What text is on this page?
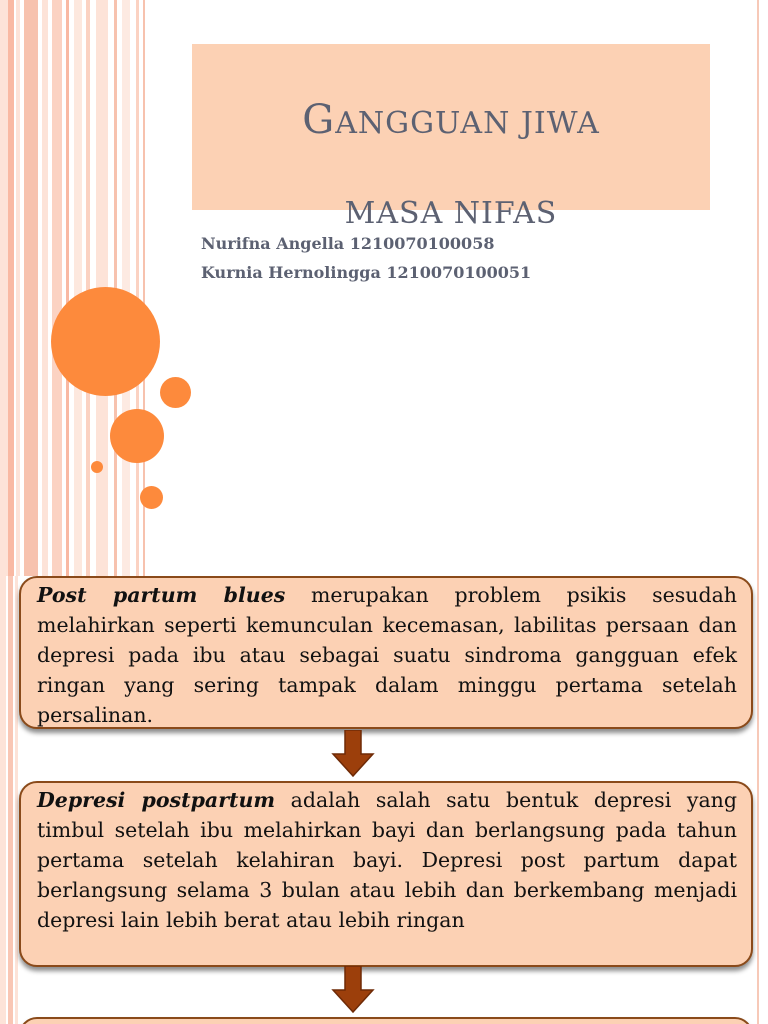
GANGGUAN JIWA
MASA NIFAS
Nurifna Angella 1210070100058
Kurnia Hernolingga 1210070100051
Post partum blues merupakan problem psikis sesudah melahirkan seperti kemunculan kecemasan, labilitas persaan dan depresi pada ibu atau sebagai suatu sindroma gangguan efek ringan yang sering tampak dalam minggu pertama setelah persalinan.
Depresi postpartum adalah salah satu bentuk depresi yang timbul setelah ibu melahirkan bayi dan berlangsung pada tahun pertama setelah kelahiran bayi. Depresi post partum dapat berlangsung selama 3 bulan atau lebih dan berkembang menjadi depresi lain lebih berat atau lebih ringan
